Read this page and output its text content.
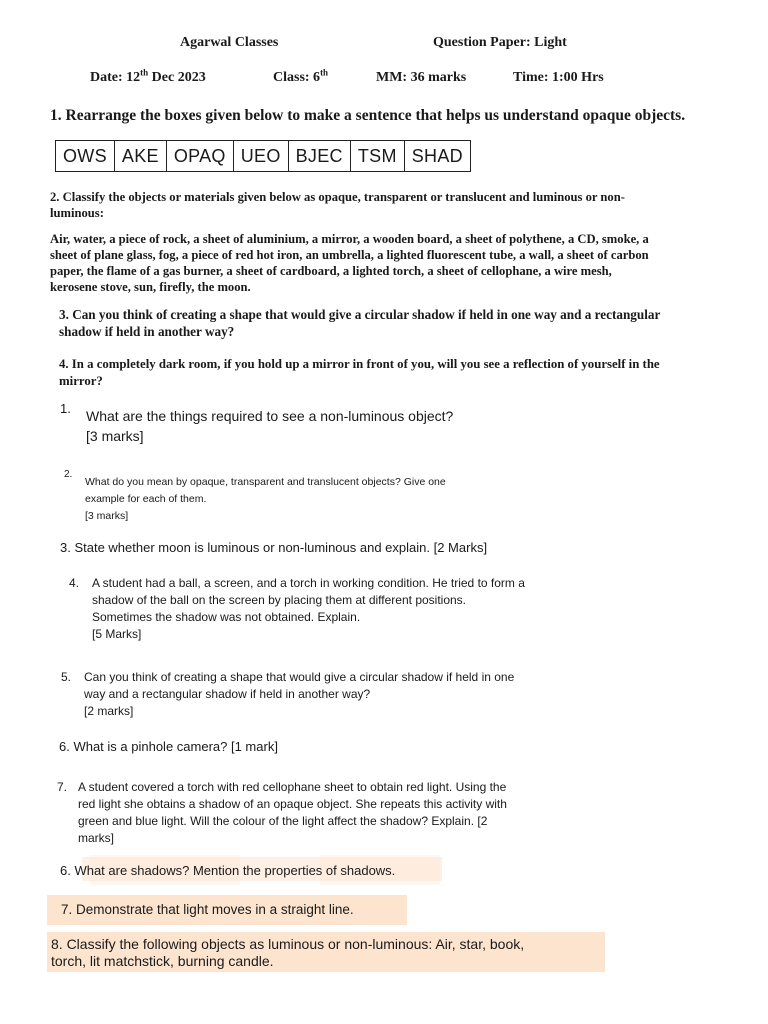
Agarwal Classes	Question Paper: Light
Date: 12th Dec 2023	Class: 6th	MM: 36 marks	Time: 1:00 Hrs
1. Rearrange the boxes given below to make a sentence that helps us understand opaque objects.
OWS AKE OPAQ UEO BJEC TSM SHAD
2. Classify the objects or materials given below as opaque, transparent or translucent and luminous or non-
luminous:
Air, water, a piece of rock, a sheet of aluminium, a mirror, a wooden board, a sheet of polythene, a CD, smoke, a
sheet of plane glass, fog, a piece of red hot iron, an umbrella, a lighted fluorescent tube, a wall, a sheet of carbon
paper, the flame of a gas burner, a sheet of cardboard, a lighted torch, a sheet of cellophane, a wire mesh,
kerosene stove, sun, firefly, the moon.
3. Can you think of creating a shape that would give a circular shadow if held in one way and a rectangular
shadow if held in another way?
4. In a completely dark room, if you hold up a mirror in front of you, will you see a reflection of yourself in the
mirror?
1. What are the things required to see a non-luminous object?
[3 marks]
2.
What do you mean by opaque, transparent and translucent objects? Give one
example for each of them.
[3 marks]
3. State whether moon is luminous or non-luminous and explain. [2 Marks]
4. A student had a ball, a screen, and a torch in working condition. He tried to form a
shadow of the ball on the screen by placing them at different positions.
Sometimes the shadow was not obtained. Explain.
[5 Marks]
5. Can you think of creating a shape that would give a circular shadow if held in one
way and a rectangular shadow if held in another way?
[2 marks]
6. What is a pinhole camera? [1 mark]
7. A student covered a torch with red cellophane sheet to obtain red light. Using the
red light she obtains a shadow of an opaque object. She repeats this activity with
green and blue light. Will the colour of the light affect the shadow? Explain. [2
marks]
6. What are shadows? Mention the properties of shadows.
7. Demonstrate that light moves in a straight line.
8. Classify the following objects as luminous or non-luminous: Air, star, book,
torch, lit matchstick, burning candle.
